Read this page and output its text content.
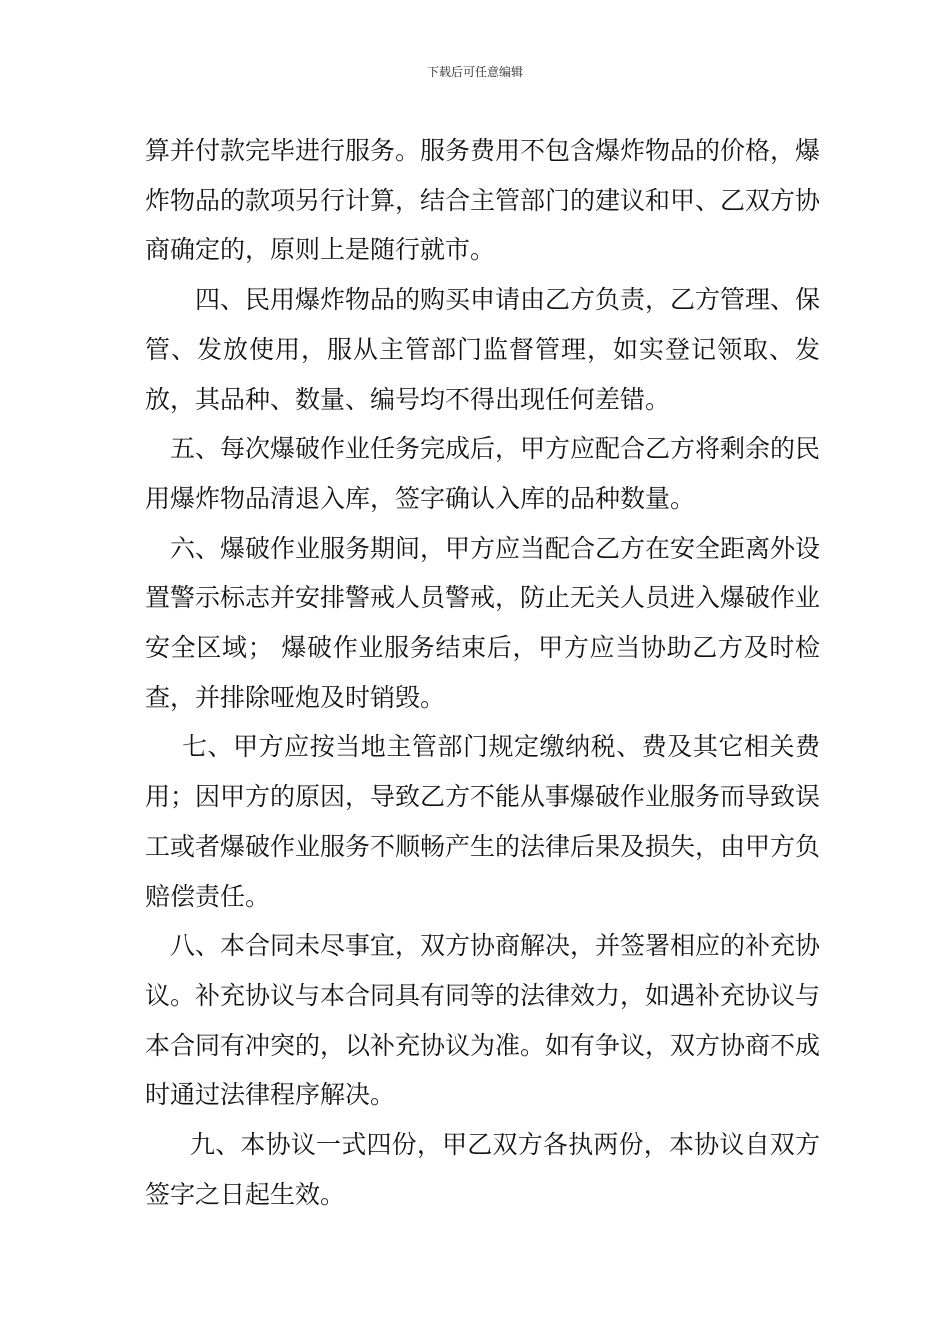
下载后可任意编辑

算并付款完毕进行服务。服务费用不包含爆炸物品的价格，爆炸物品的款项另行计算，结合主管部门的建议和甲、乙双方协商确定的，原则上是随行就市。

四、民用爆炸物品的购买申请由乙方负责，乙方管理、保管、发放使用，服从主管部门监督管理，如实登记领取、发放，其品种、数量、编号均不得出现任何差错。

五、每次爆破作业任务完成后，甲方应配合乙方将剩余的民用爆炸物品清退入库，签字确认入库的品种数量。

六、爆破作业服务期间，甲方应当配合乙方在安全距离外设置警示标志并安排警戒人员警戒，防止无关人员进入爆破作业安全区域； 爆破作业服务结束后，甲方应当协助乙方及时检查，并排除哑炮及时销毁。

七、甲方应按当地主管部门规定缴纳税、费及其它相关费用；因甲方的原因，导致乙方不能从事爆破作业服务而导致误工或者爆破作业服务不顺畅产生的法律后果及损失，由甲方负赔偿责任。

八、本合同未尽事宜，双方协商解决，并签署相应的补充协议。补充协议与本合同具有同等的法律效力，如遇补充协议与本合同有冲突的，以补充协议为准。如有争议，双方协商不成时通过法律程序解决。

九、本协议一式四份，甲乙双方各执两份，本协议自双方签字之日起生效。
